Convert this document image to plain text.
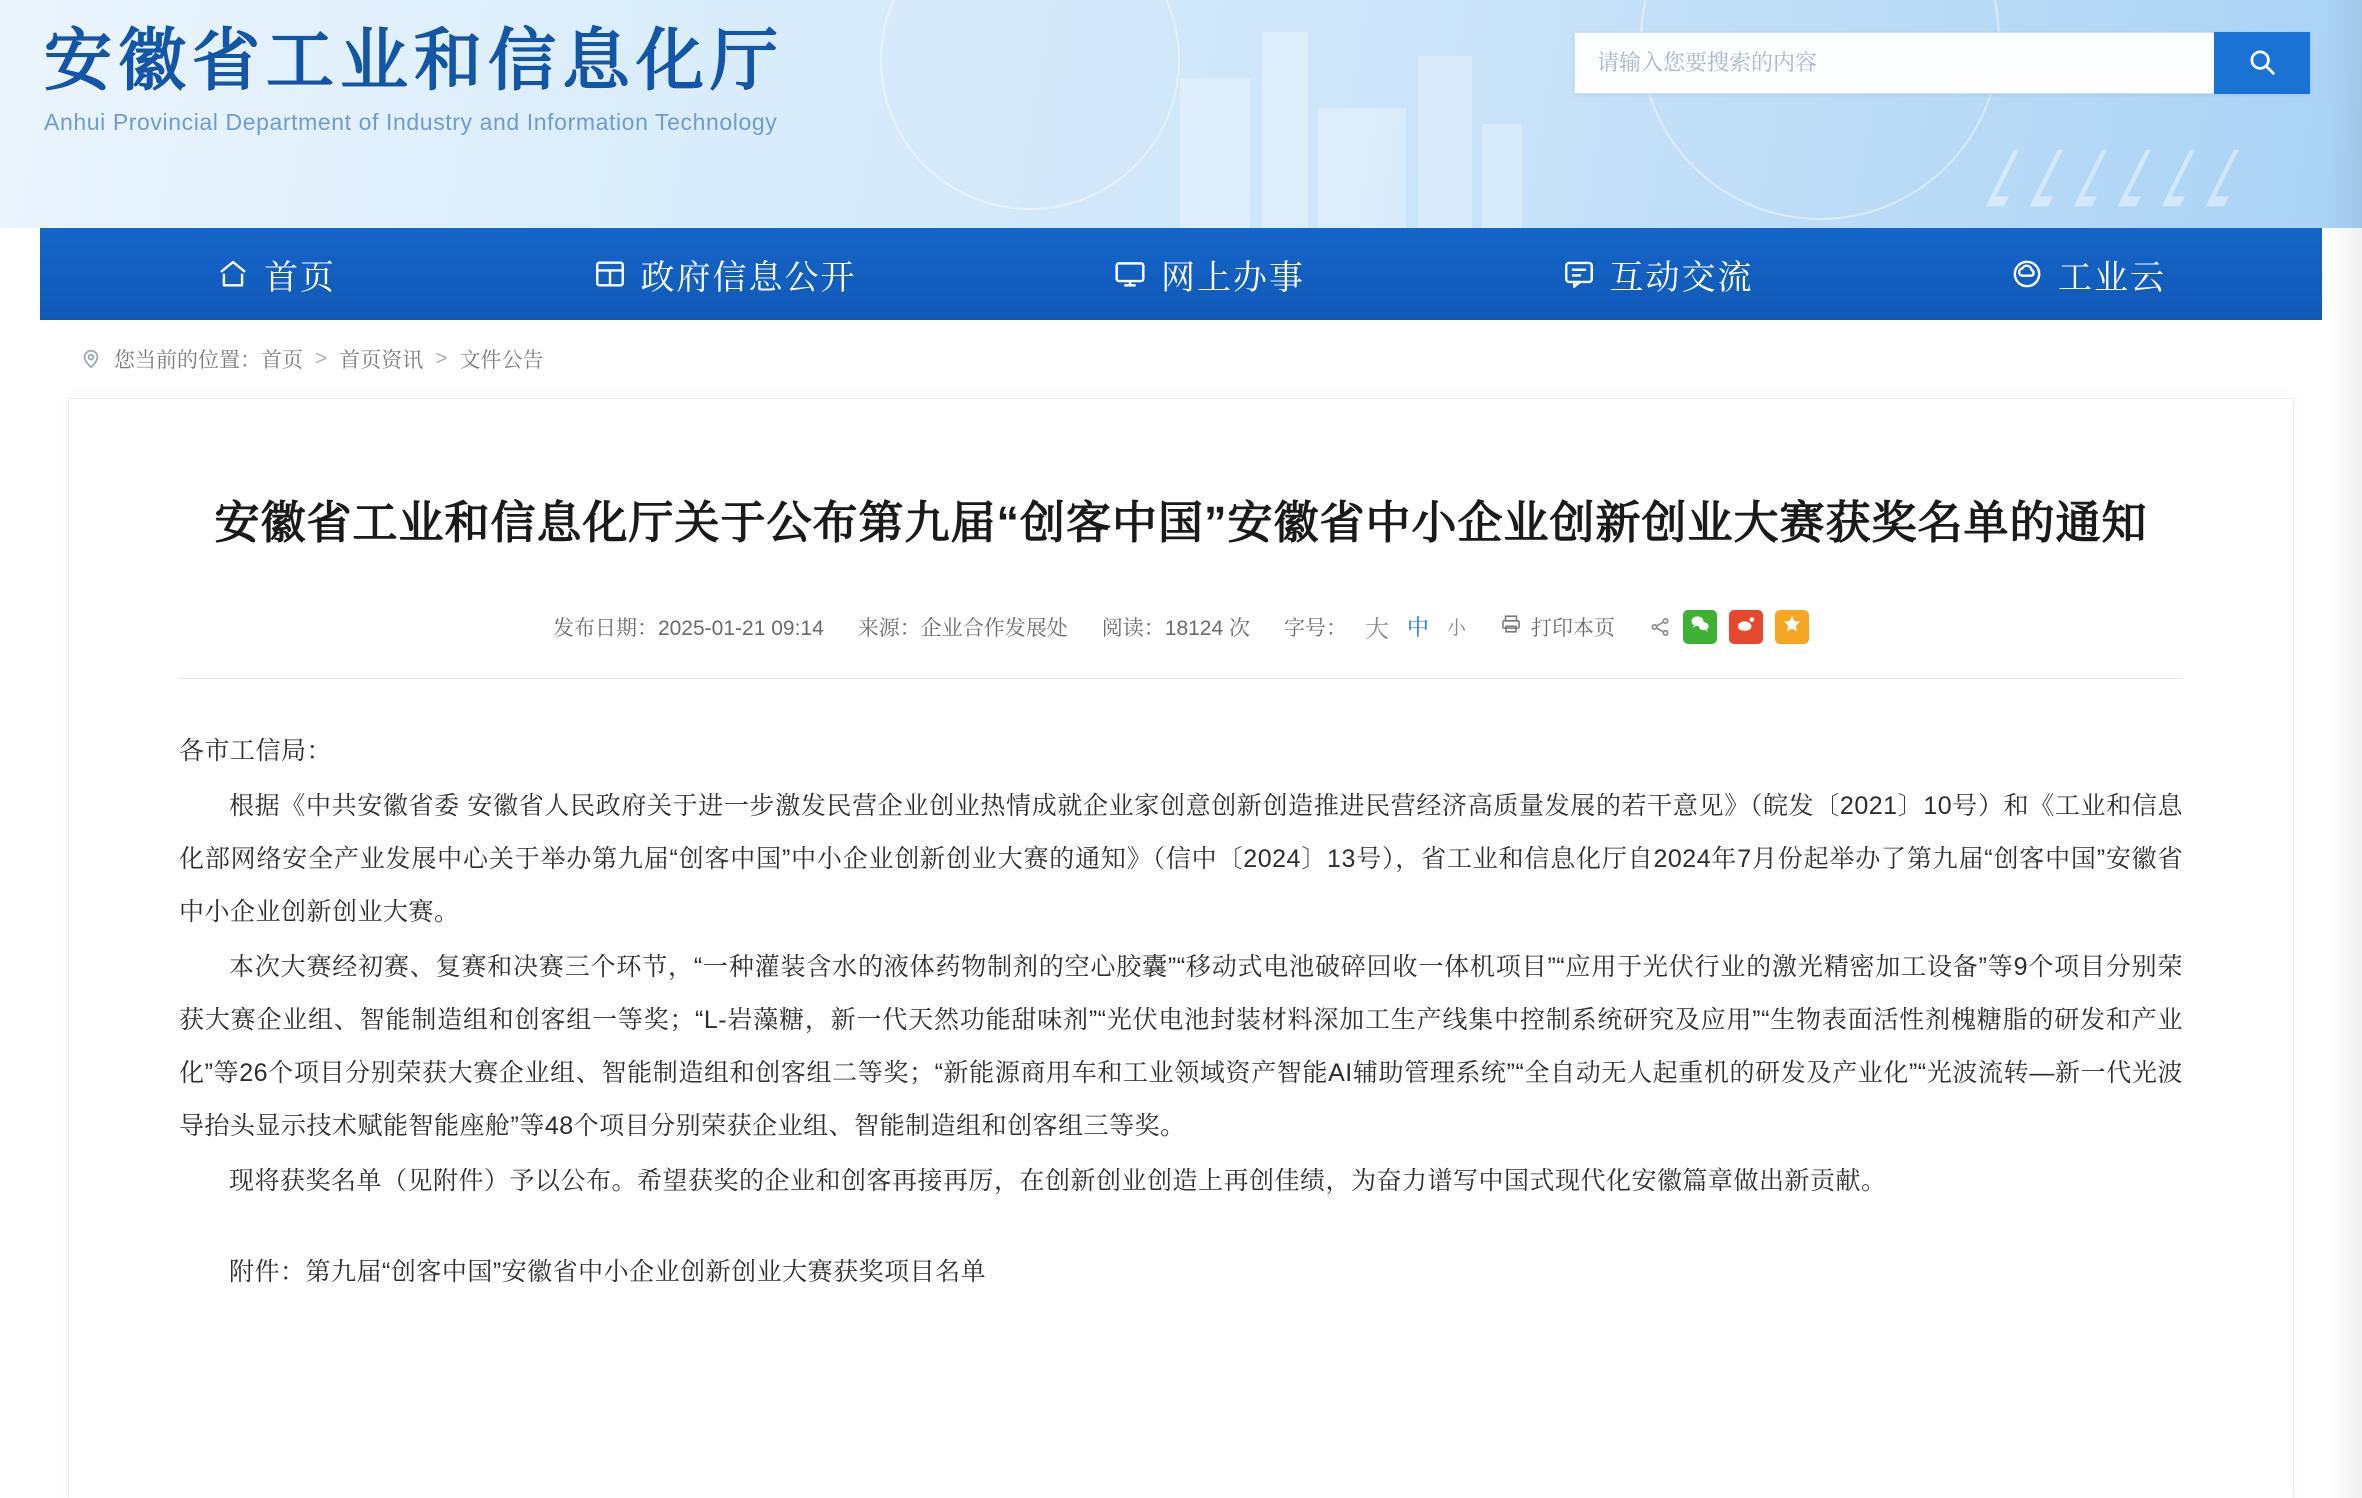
安徽省工业和信息化厅
Anhui Provincial Department of Industry and Information Technology
请输入您要搜索的内容
首页	政府信息公开	网上办事	互动交流	工业云
您当前的位置： 首页 > 首页资讯 > 文件公告
安徽省工业和信息化厅关于公布第九届“创客中国”安徽省中小企业创新创业大赛获奖名单的通知
发布日期：2025-01-21 09:14 来源：企业合作发展处 阅读：18124 次 字号： 大 中 小	打印本页

各市工信局：

根据《中共安徽省委 安徽省人民政府关于进一步激发民营企业创业热情成就企业家创意创新创造推进民营经济高质量发展的若干意见》（皖发〔2021〕10号）和《工业和信息化部网络安全产业发展中心关于举办第九届“创客中国”中小企业创新创业大赛的通知》（信中〔2024〕13号），省工业和信息化厅自2024年7月份起举办了第九届“创客中国”安徽省中小企业创新创业大赛。

本次大赛经初赛、复赛和决赛三个环节，“一种灌装含水的液体药物制剂的空心胶囊”“移动式电池破碎回收一体机项目”“应用于光伏行业的激光精密加工设备”等9个项目分别荣获大赛企业组、智能制造组和创客组一等奖；“L-岩藻糖，新一代天然功能甜味剂”“光伏电池封装材料深加工生产线集中控制系统研究及应用”“生物表面活性剂槐糖脂的研发和产业化”等26个项目分别荣获大赛企业组、智能制造组和创客组二等奖；“新能源商用车和工业领域资产智能AI辅助管理系统”“全自动无人起重机的研发及产业化”“光波流转—新一代光波导抬头显示技术赋能智能座舱”等48个项目分别荣获企业组、智能制造组和创客组三等奖。

现将获奖名单（见附件）予以公布。希望获奖的企业和创客再接再厉，在创新创业创造上再创佳绩，为奋力谱写中国式现代化安徽篇章做出新贡献。

附件：第九届“创客中国”安徽省中小企业创新创业大赛获奖项目名单
